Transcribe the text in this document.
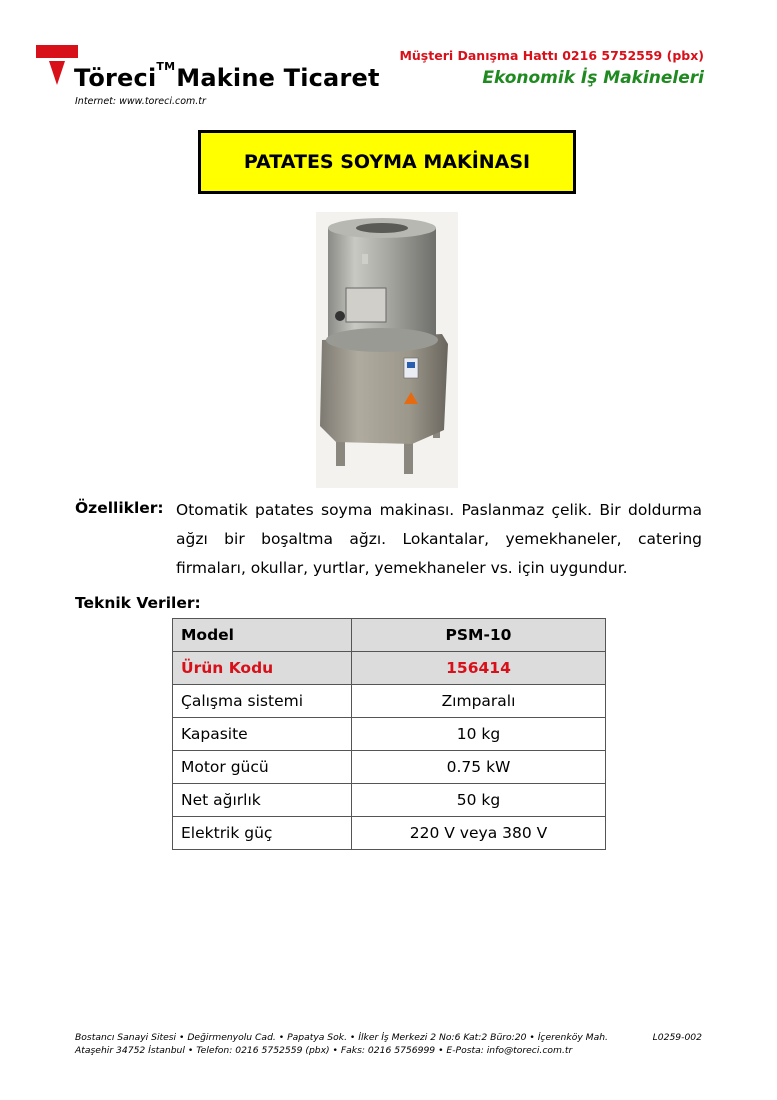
Töreci™Makine Ticaret
Internet: www.toreci.com.tr
Müşteri Danışma Hattı 0216 5752559 (pbx)
Ekonomik İş Makineleri
PATATES SOYMA MAKİNASI
Özellikler: Otomatik patates soyma makinası. Paslanmaz çelik. Bir doldurma ağzı bir boşaltma ağzı. Lokantalar, yemekhaneler, catering firmaları, okullar, yurtlar, yemekhaneler vs. için uygundur.
Teknik Veriler:
Model	PSM-10
Ürün Kodu	156414
Çalışma sistemi	Zımparalı
Kapasite	10 kg
Motor gücü	0.75 kW
Net ağırlık	50 kg
Elektrik güç	220 V veya 380 V
Bostancı Sanayi Sitesi • Değirmenyolu Cad. • Papatya Sok. • İlker İş Merkezi 2 No:6 Kat:2 Büro:20 • İçerenköy Mah.
Ataşehir 34752 İstanbul • Telefon: 0216 5752559 (pbx) • Faks: 0216 5756999 • E-Posta: info@toreci.com.tr
L0259-002
